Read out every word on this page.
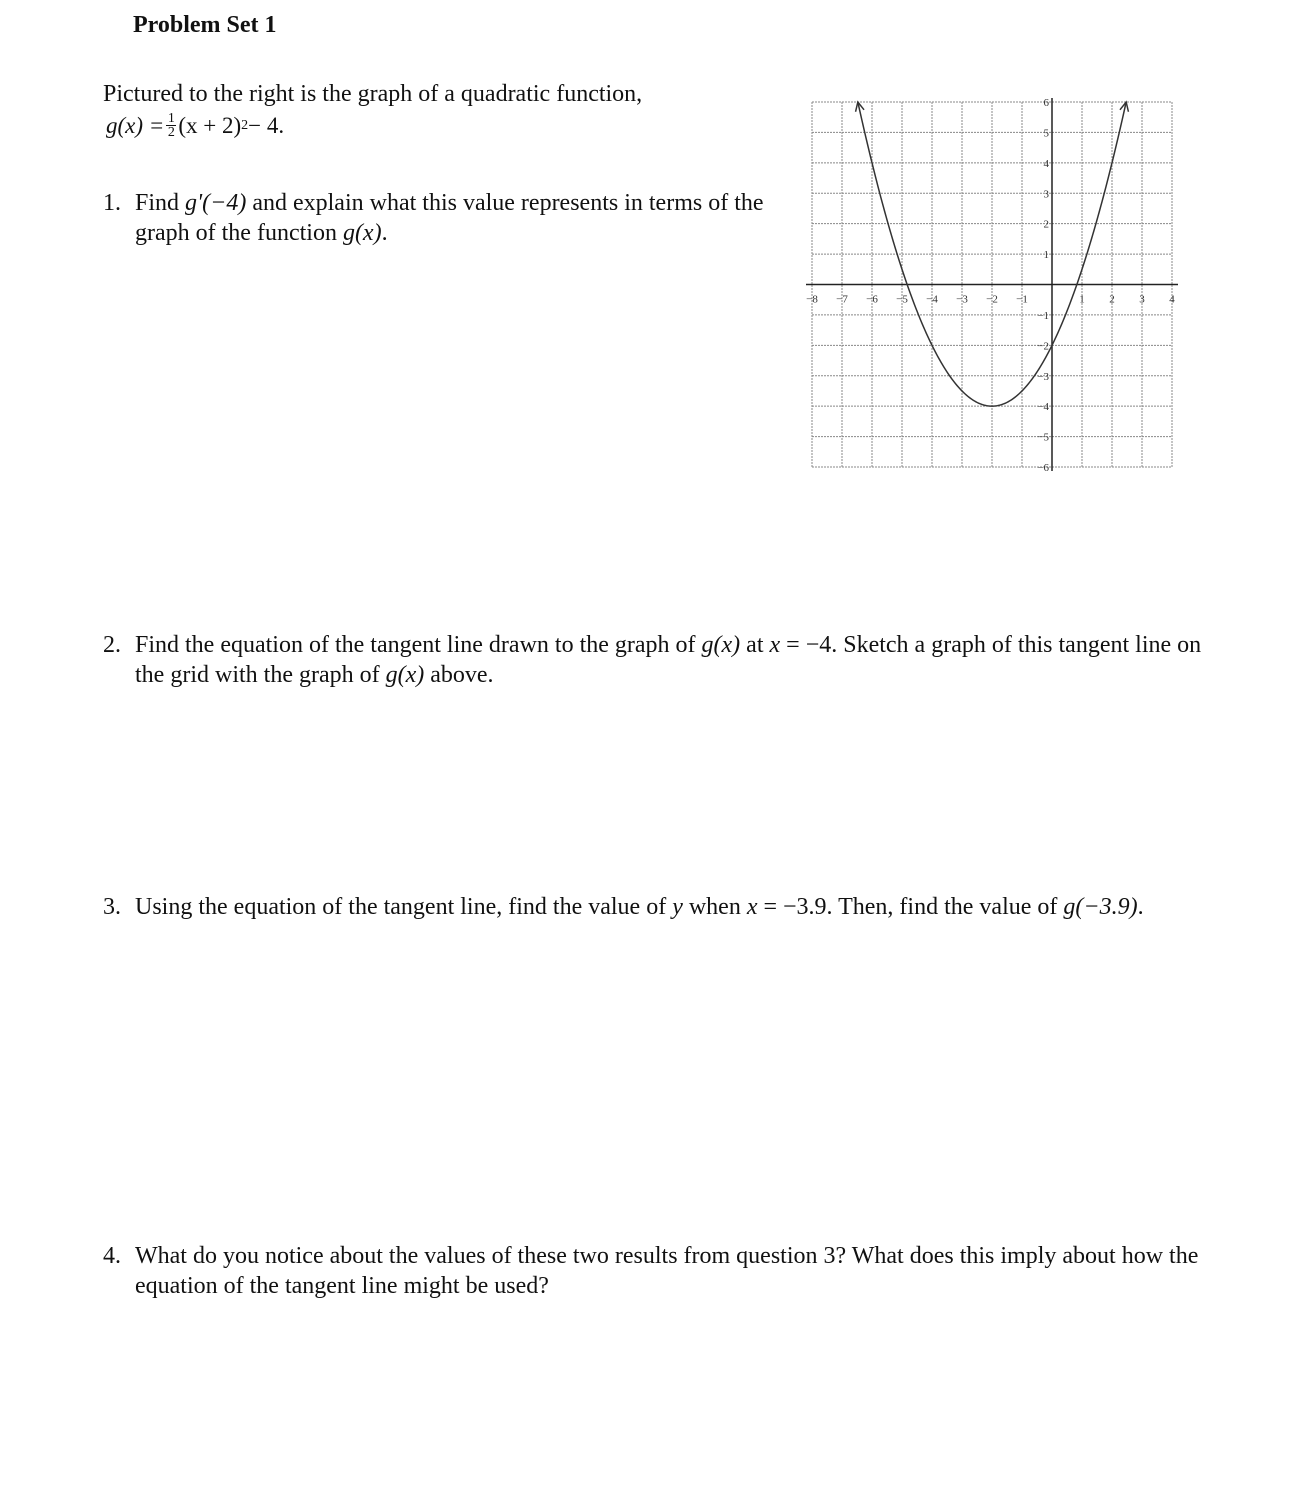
Problem Set 1
Pictured to the right is the graph of a quadratic function,
$g(x) = \frac{1}{2} (x + 2) 2 - 4$.
1. Find g'(−4) and explain what this value represents in terms of the graph of the function g(x).
−8 −7 −6 −5 −4 −3 −2 −1	1 2 3 4
6
5
4
3
2
1
−1
−2
−3
−4
−5
−6
2. Find the equation of the tangent line drawn to the graph of g(x) at x = −4. Sketch a graph of this tangent line on the grid with the graph of g(x) above.
3. Using the equation of the tangent line, find the value of y when x = −3.9. Then, find the value of g(−3.9).
4. What do you notice about the values of these two results from question 3? What does this imply about how the equation of the tangent line might be used?
